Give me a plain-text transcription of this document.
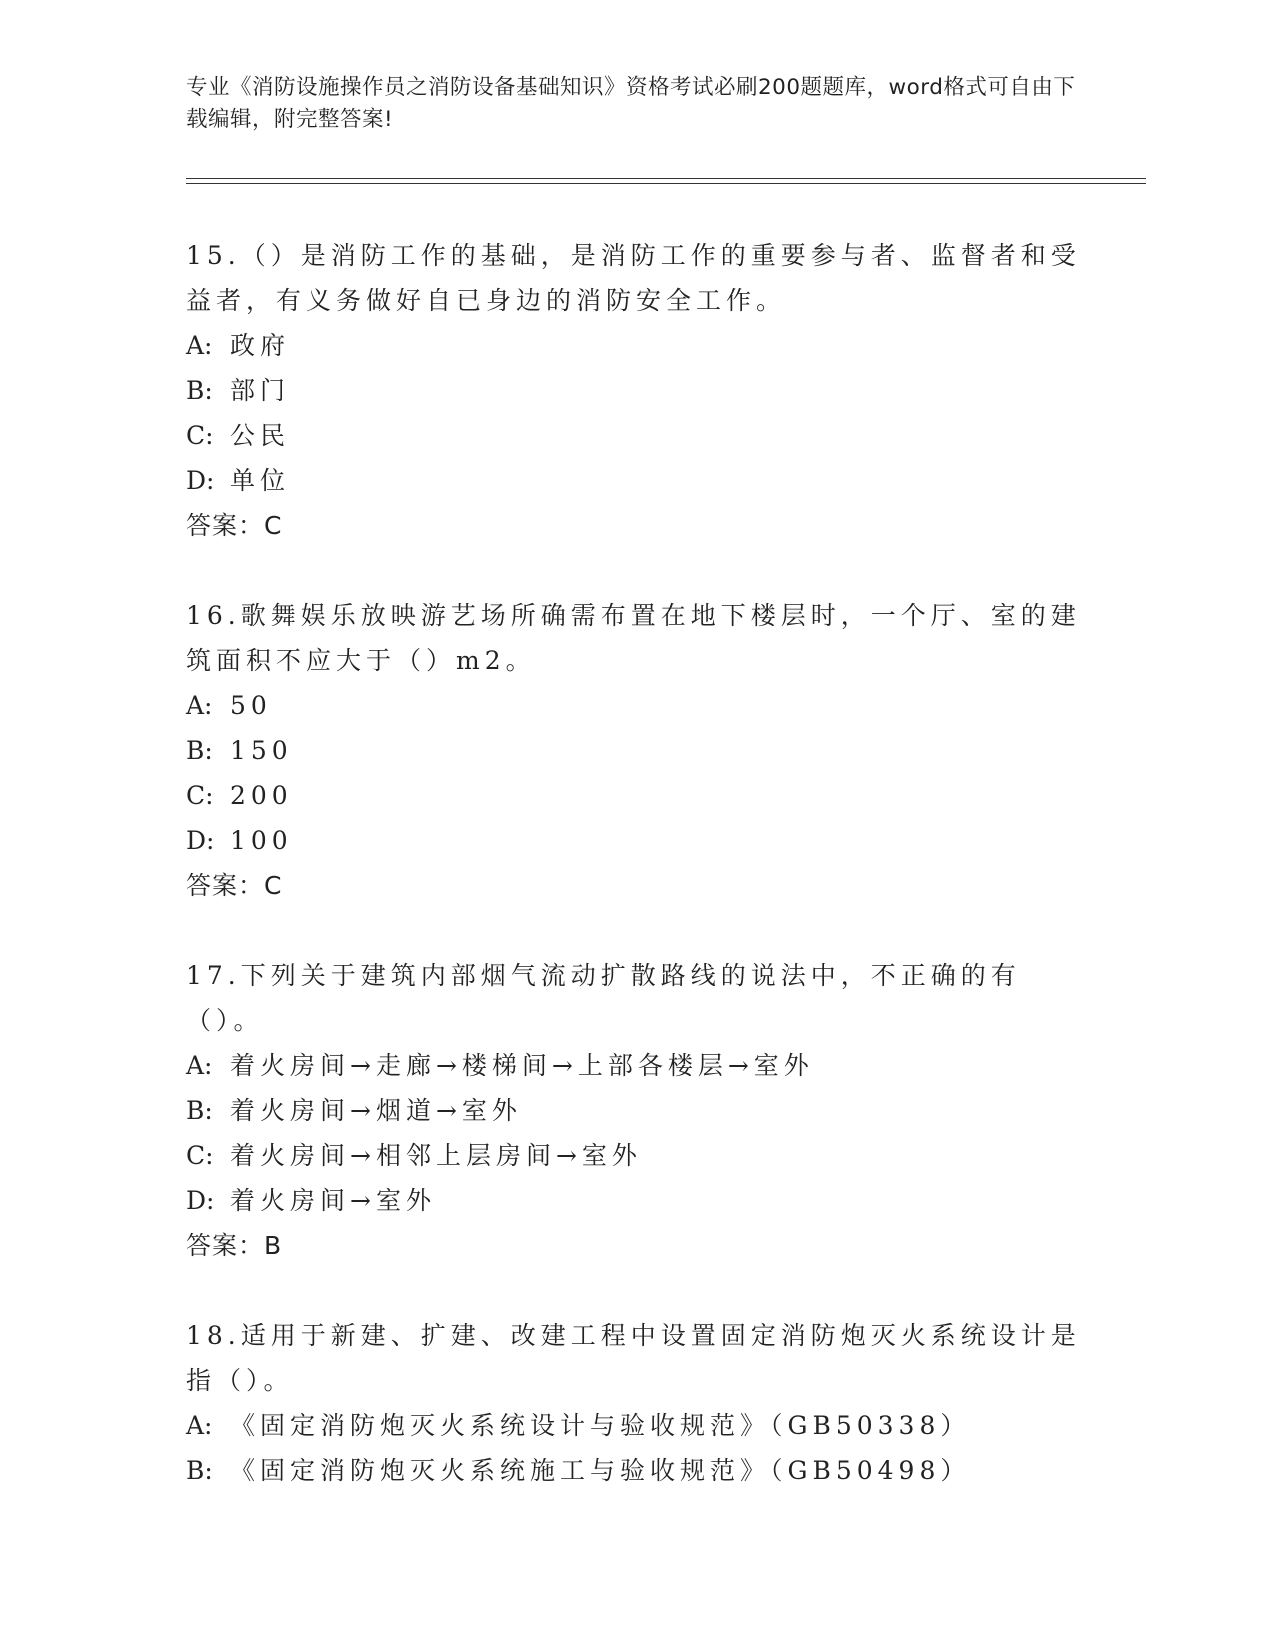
专业《消防设施操作员之消防设备基础知识》资格考试必刷200题题库，word格式可自由下载编辑，附完整答案!

15.（）是消防工作的基础，是消防工作的重要参与者、监督者和受益者，有义务做好自已身边的消防安全工作。

A: 政府

B: 部门

C: 公民

D: 单位

答案：C

16.歌舞娱乐放映游艺场所确需布置在地下楼层时，一个厅、室的建筑面积不应大于（）m2。

A: 50

B: 150

C: 200

D: 100

答案：C

17.下列关于建筑内部烟气流动扩散路线的说法中，不正确的有（）。

A: 着火房间→走廊→楼梯间→上部各楼层→室外

B: 着火房间→烟道→室外

C: 着火房间→相邻上层房间→室外

D: 着火房间→室外

答案：B

18.适用于新建、扩建、改建工程中设置固定消防炮灭火系统设计是指（）。

A: 《固定消防炮灭火系统设计与验收规范》（GB50338）

B: 《固定消防炮灭火系统施工与验收规范》（GB50498）
